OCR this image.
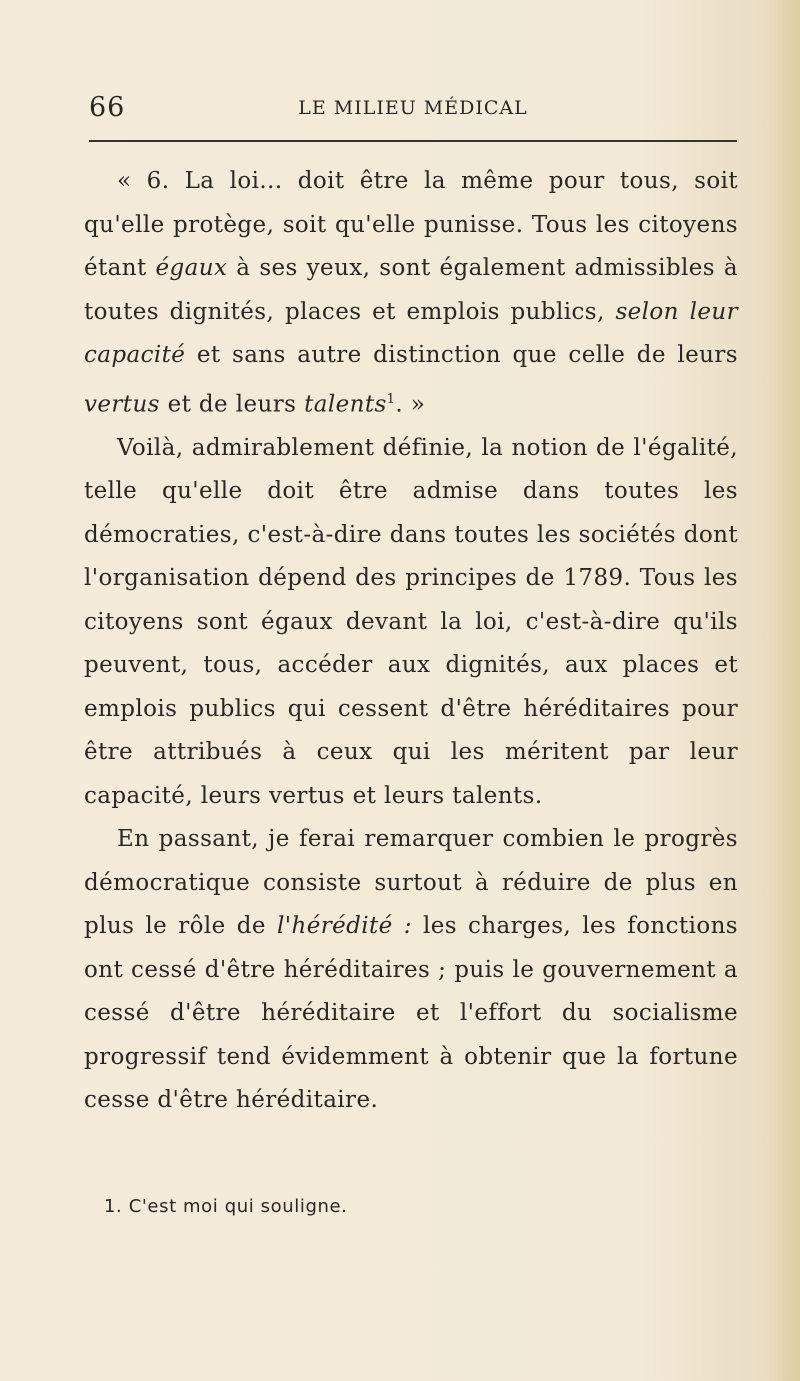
66	LE MILIEU MÉDICAL

« 6. La loi... doit être la même pour tous, soit qu'elle protège, soit qu'elle punisse. Tous les citoyens étant égaux à ses yeux, sont également admissibles à toutes dignités, places et emplois publics, selon leur capacité et sans autre distinction que celle de leurs vertus et de leurs talents$^1$. »

Voilà, admirablement définie, la notion de l'égalité, telle qu'elle doit être admise dans toutes les démocraties, c'est-à-dire dans toutes les sociétés dont l'organisation dépend des principes de 1789. Tous les citoyens sont égaux devant la loi, c'est-à-dire qu'ils peuvent, tous, accéder aux dignités, aux places et emplois publics qui cessent d'être héréditaires pour être attribués à ceux qui les méritent par leur capacité, leurs vertus et leurs talents.

En passant, je ferai remarquer combien le progrès démocratique consiste surtout à réduire de plus en plus le rôle de l'hérédité : les charges, les fonctions ont cessé d'être héréditaires ; puis le gouvernement a cessé d'être héréditaire et l'effort du socialisme progressif tend évidemment à obtenir que la fortune cesse d'être héréditaire.

1. C'est moi qui souligne.
